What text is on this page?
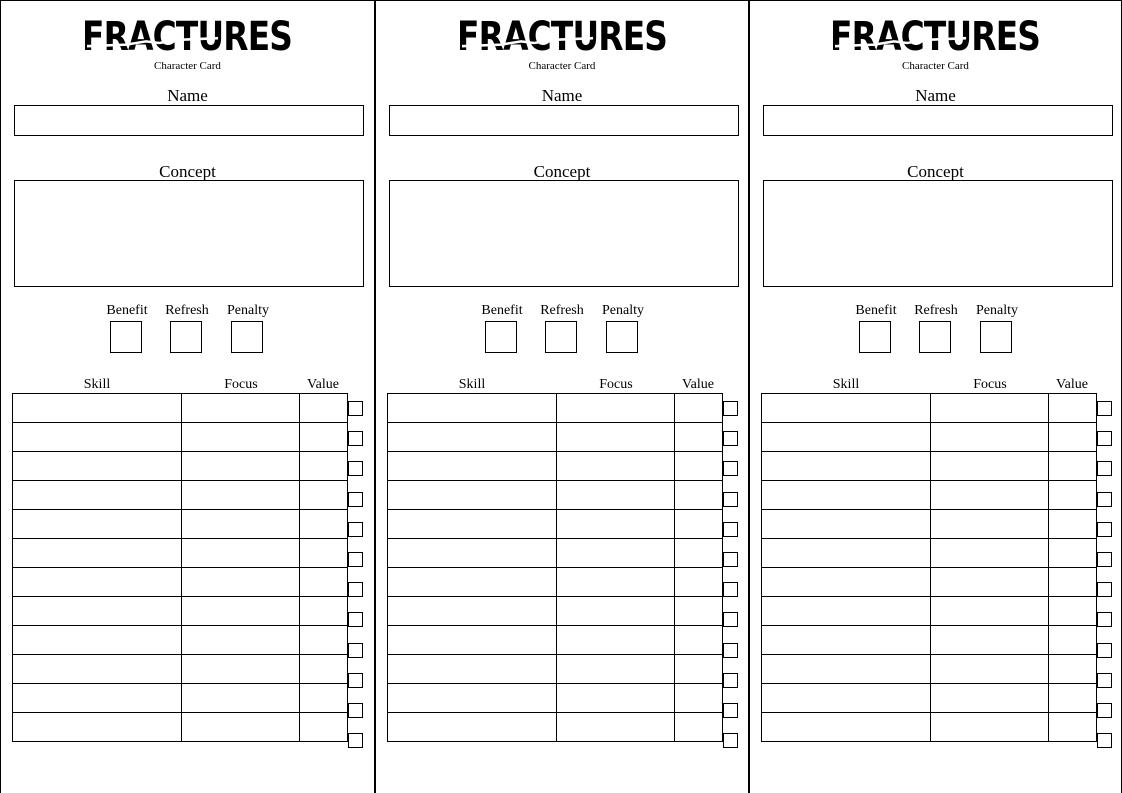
FRACTURES
Character Card
Name
Concept
Benefit	Refresh	Penalty
Skill	Focus	Value

FRACTURES
Character Card
Name
Concept
Benefit	Refresh	Penalty
Skill	Focus	Value

FRACTURES
Character Card
Name
Concept
Benefit	Refresh	Penalty
Skill	Focus	Value
